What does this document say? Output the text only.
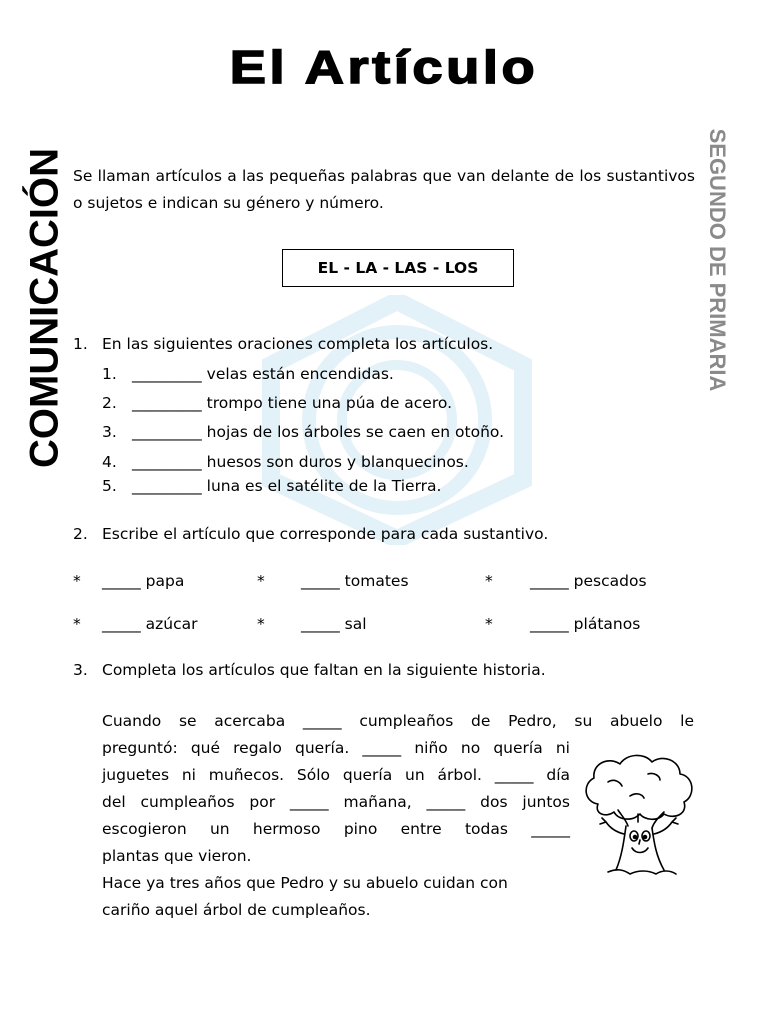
El Artículo
COMUNICACIÓN	SEGUNDO DE PRIMARIA
Se llaman artículos a las pequeñas palabras que van delante de los sustantivos o sujetos e indican su género y número.
EL - LA - LAS - LOS
1. En las siguientes oraciones completa los artículos.
1. _________ velas están encendidas.
2. _________ trompo tiene una púa de acero.
3. _________ hojas de los árboles se caen en otoño.
4. _________ huesos son duros y blanquecinos.
5. _________ luna es el satélite de la Tierra.
2. Escribe el artículo que corresponde para cada sustantivo.
* _____ papa	* _____ tomates	* _____ pescados
* _____ azúcar	* _____ sal	* _____ plátanos
3. Completa los artículos que faltan en la siguiente historia.
Cuando se acercaba _____ cumpleaños de Pedro, su abuelo le
preguntó: qué regalo quería. _____ niño no quería ni
juguetes ni muñecos. Sólo quería un árbol. _____ día
del cumpleaños por _____ mañana, _____ dos juntos
escogieron un hermoso pino entre todas _____
plantas que vieron.
Hace ya tres años que Pedro y su abuelo cuidan con
cariño aquel árbol de cumpleaños.
